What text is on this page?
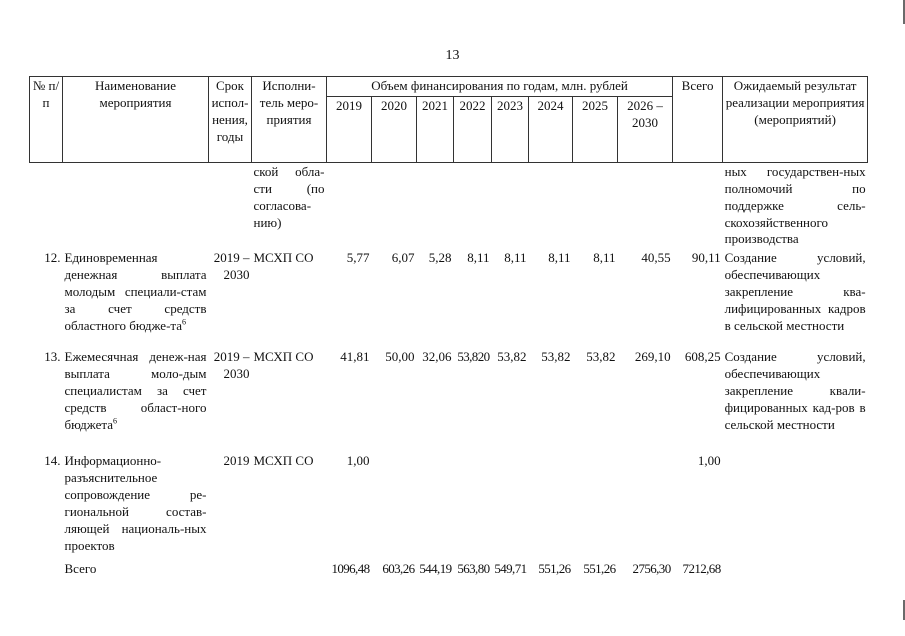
13
№ п/п	Наименование мероприятия	Срок испол-нения, годы	Исполни-тель меро-приятия	Объем финансирования по годам, млн. рублей								Всего	Ожидаемый результат реализации мероприятия (мероприятий)
				2019	2020	2021	2022	2023	2024	2025	2026 – 2030		
			ской обла-сти (по согласова-нию)										ных государствен-ных полномочий по поддержке сель-скохозяйственного производства
12.	Единовременная денежная выплата молодым специали-стам за счет средств областного бюдже-$та^6$	2019 – 2030	МСХП СО	5,77	6,07	5,28	8,11	8,11	8,11	8,11	40,55	90,11	Создание условий, обеспечивающих закрепление ква-лифицированных кадров в сельской местности
13.	Ежемесячная денеж-ная выплата моло-дым специалистам за счет средств област-ного бюджета$^6$	2019 – 2030	МСХП СО	41,81	50,00	32,06	53,820	53,82	53,82	53,82	269,10	608,25	Создание условий, обеспечивающих закрепление квали-фицированных кад-ров в сельской местности
14.	Информационно-разъяснительное сопровождение ре-гиональной состав-ляющей националь-ных проектов	2019	МСХП СО	1,00								1,00	
	Всего			1096,48	603,26	544,19	563,80	549,71	551,26	551,26	2756,30	7212,68	
